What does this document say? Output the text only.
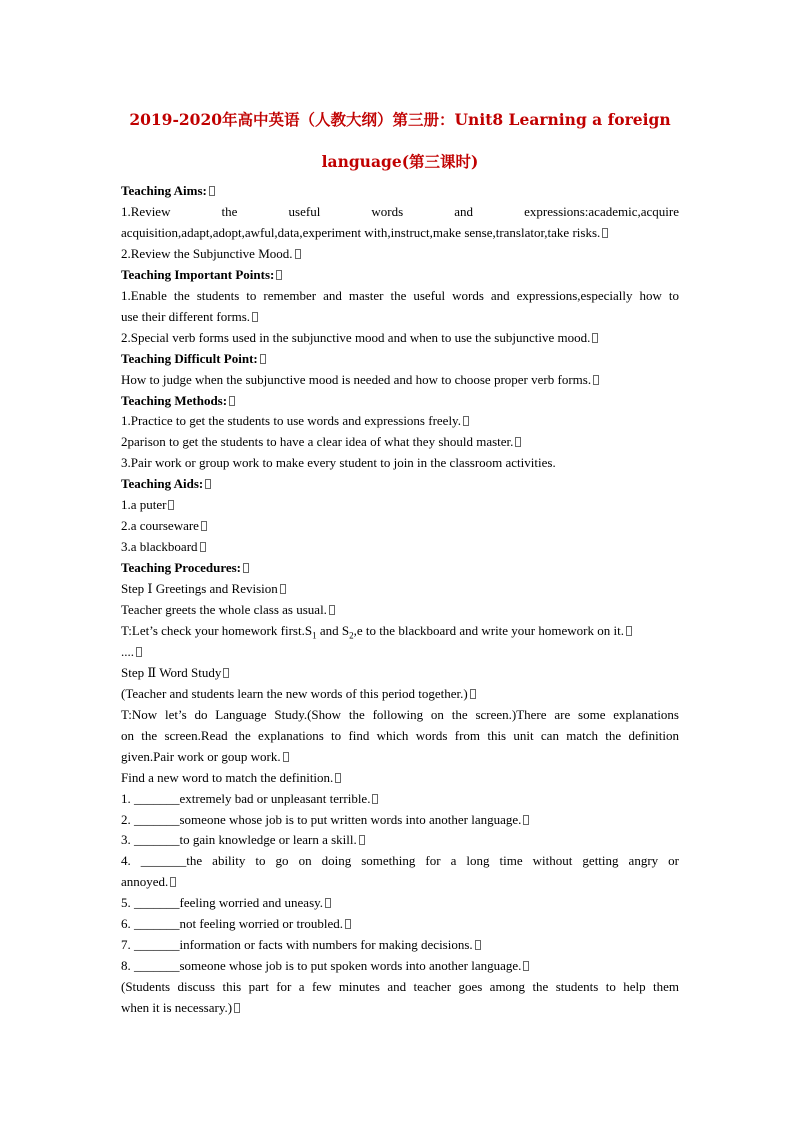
2019-2020年高中英语（人教大纲）第三册：Unit8 Learning a foreign
language(第三课时)
Teaching Aims:
1.Review the useful words and expressions:academic,acquire
acquisition,adapt,adopt,awful,data,experiment with,instruct,make sense,translator,take risks.
2.Review the Subjunctive Mood.
Teaching Important Points:
1.Enable the students to remember and master the useful words and expressions,especially how to
use their different forms.
2.Special verb forms used in the subjunctive mood and when to use the subjunctive mood.
Teaching Difficult Point:
How to judge when the subjunctive mood is needed and how to choose proper verb forms.
Teaching Methods:
1.Practice to get the students to use words and expressions freely.
2parison to get the students to have a clear idea of what they should master.
3.Pair work or group work to make every student to join in the classroom activities.
Teaching Aids:
1.a puter
2.a courseware
3.a blackboard
Teaching Procedures:
Step Ⅰ Greetings and Revision
Teacher greets the whole class as usual.
T:Let’s check your homework $first.S_1$ and $S_2,e$ to the blackboard and write your homework on it.
....
Step Ⅱ Word Study
(Teacher and students learn the new words of this period together.)
T:Now let’s do Language Study.(Show the following on the screen.)There are some explanations
on the screen.Read the explanations to find which words from this unit can match the definition
given.Pair work or goup work.
Find a new word to match the definition.
1. _______extremely bad or unpleasant terrible.
2. _______someone whose job is to put written words into another language.
3. _______to gain knowledge or learn a skill.
4. _______the ability to go on doing something for a long time without getting angry or
annoyed.
5. _______feeling worried and uneasy.
6. _______not feeling worried or troubled.
7. _______information or facts with numbers for making decisions.
8. _______someone whose job is to put spoken words into another language.
(Students discuss this part for a few minutes and teacher goes among the students to help them
when it is necessary.)
